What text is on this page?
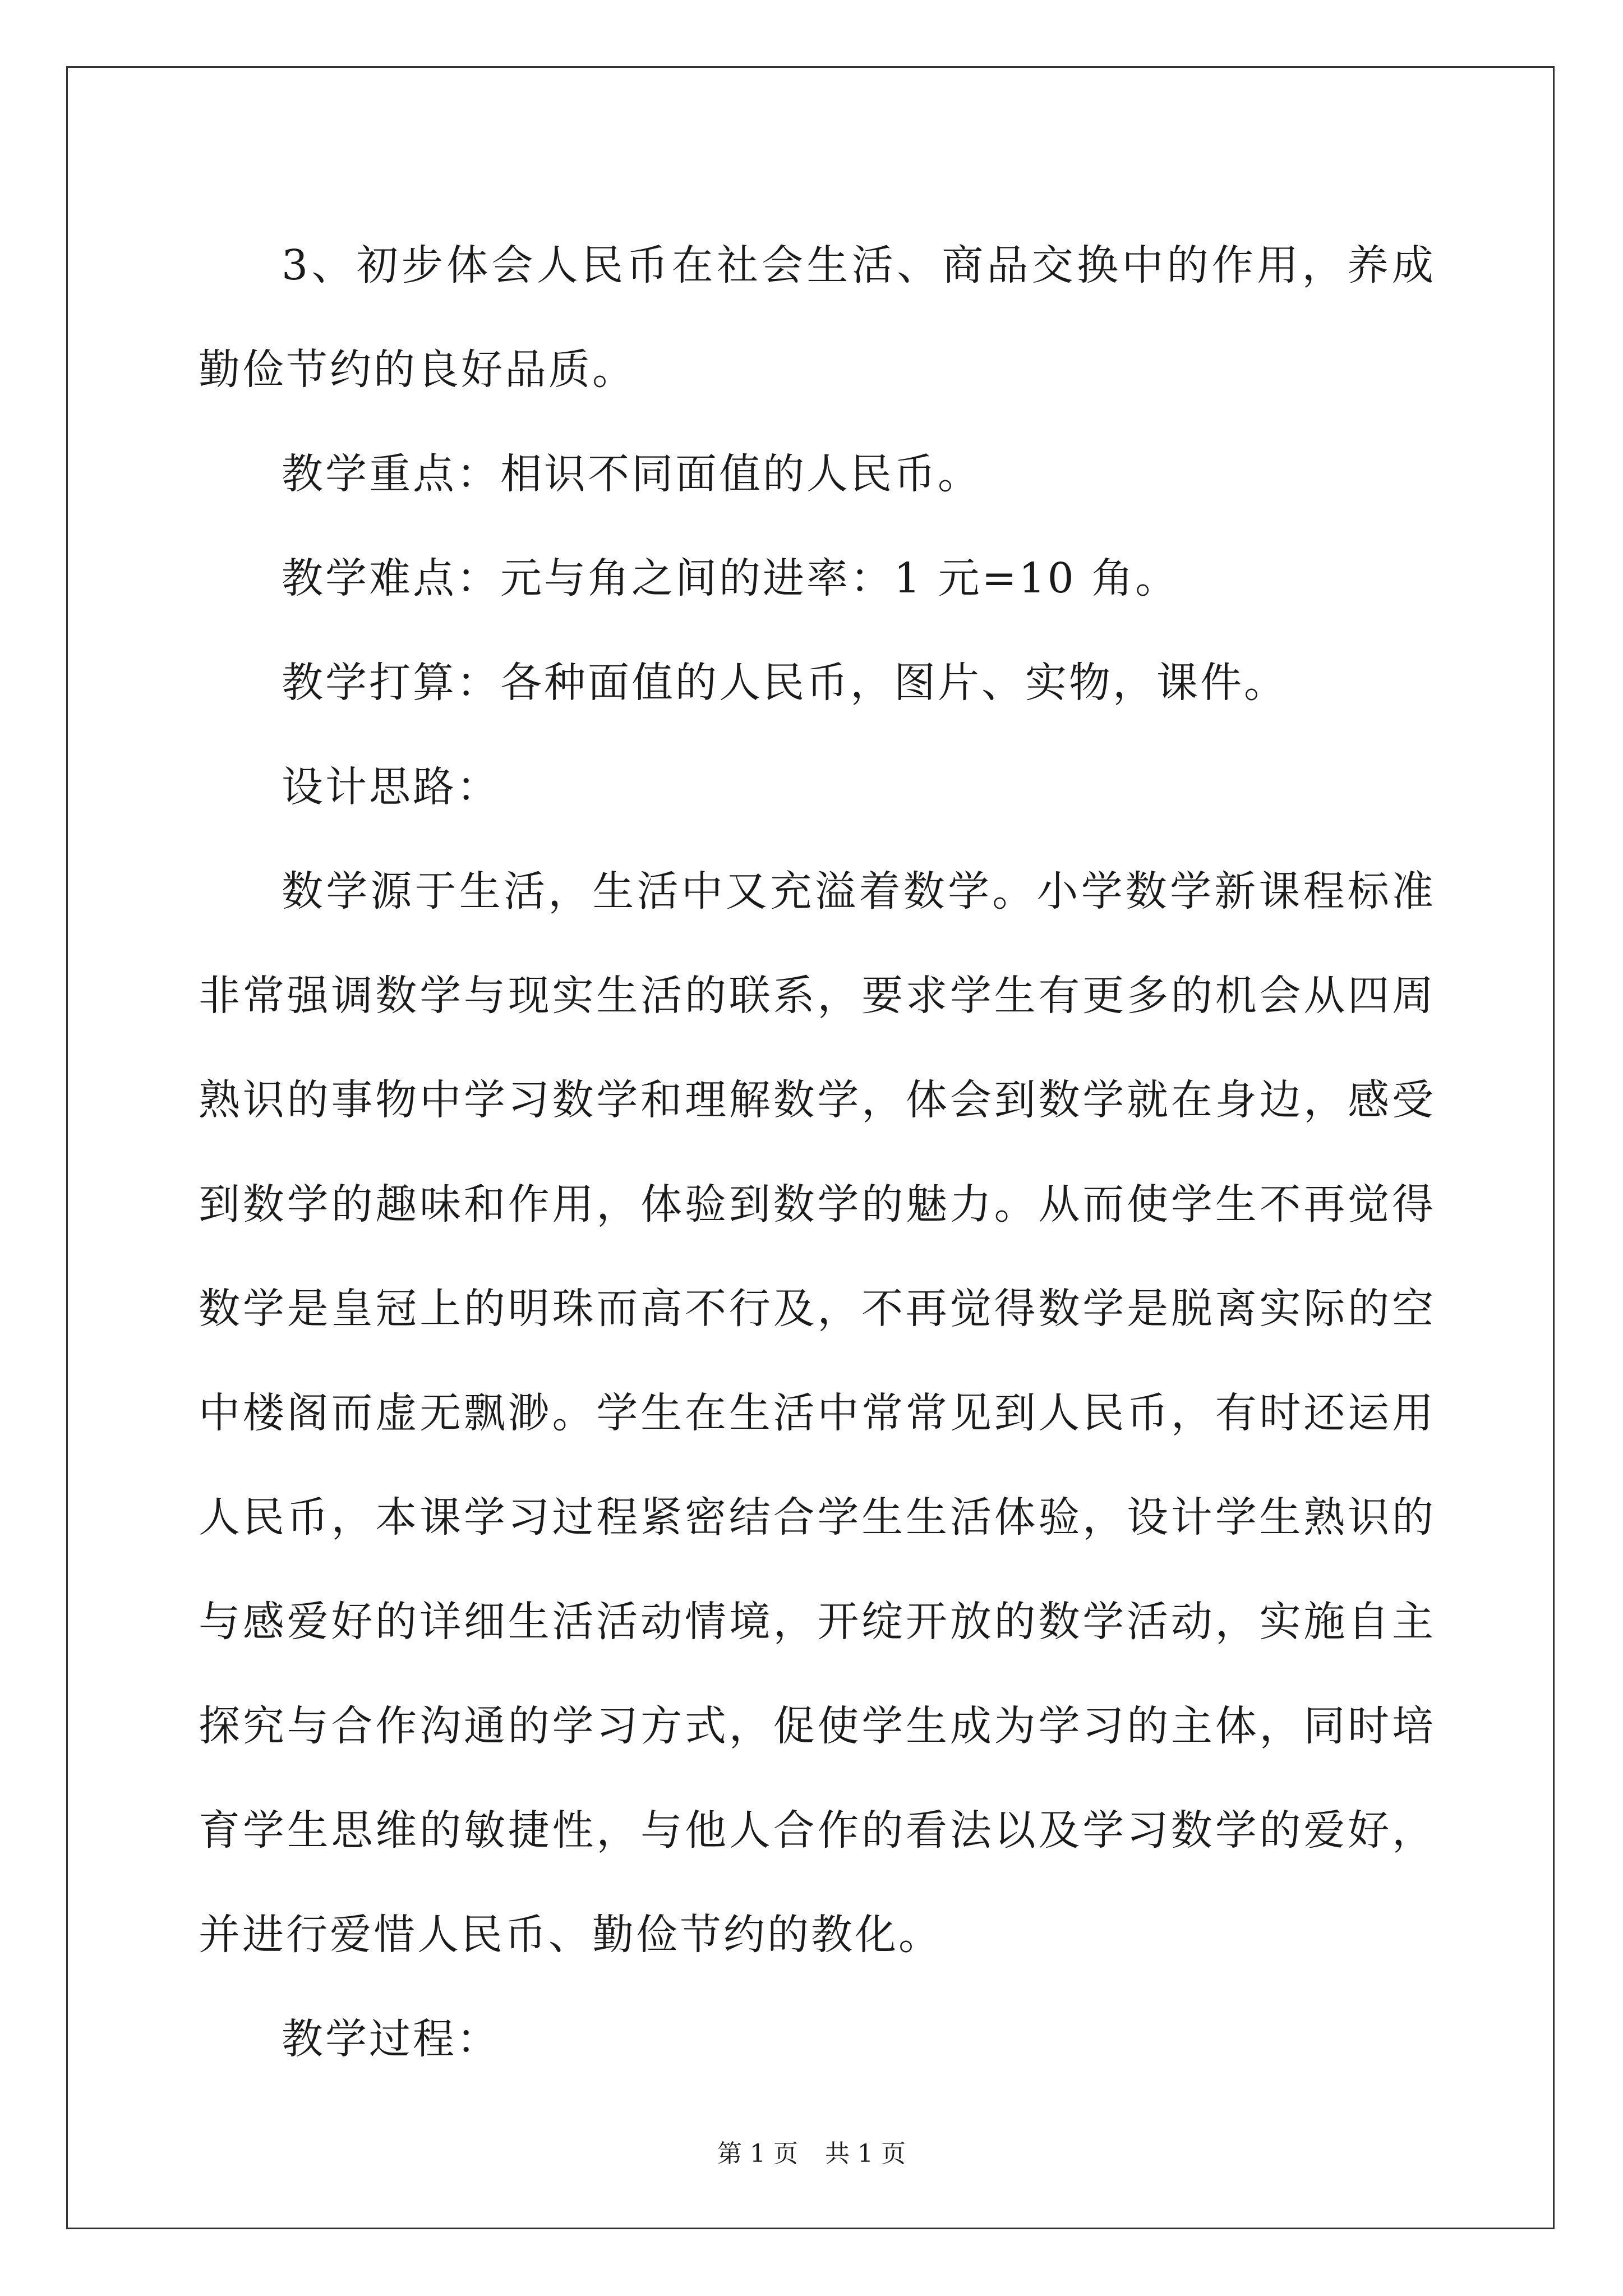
3、初步体会人民币在社会生活、商品交换中的作用，养成勤俭节约的良好品质。

教学重点：相识不同面值的人民币。

教学难点：元与角之间的进率：1 元=10 角。

教学打算：各种面值的人民币，图片、实物，课件。

设计思路：

数学源于生活，生活中又充溢着数学。小学数学新课程标准非常强调数学与现实生活的联系，要求学生有更多的机会从四周熟识的事物中学习数学和理解数学，体会到数学就在身边，感受到数学的趣味和作用，体验到数学的魅力。从而使学生不再觉得数学是皇冠上的明珠而高不行及，不再觉得数学是脱离实际的空中楼阁而虚无飘渺。学生在生活中常常见到人民币，有时还运用人民币，本课学习过程紧密结合学生生活体验，设计学生熟识的与感爱好的详细生活活动情境，开绽开放的数学活动，实施自主探究与合作沟通的学习方式，促使学生成为学习的主体，同时培育学生思维的敏捷性，与他人合作的看法以及学习数学的爱好，并进行爱惜人民币、勤俭节约的教化。

教学过程：

第 1 页 共 1 页
